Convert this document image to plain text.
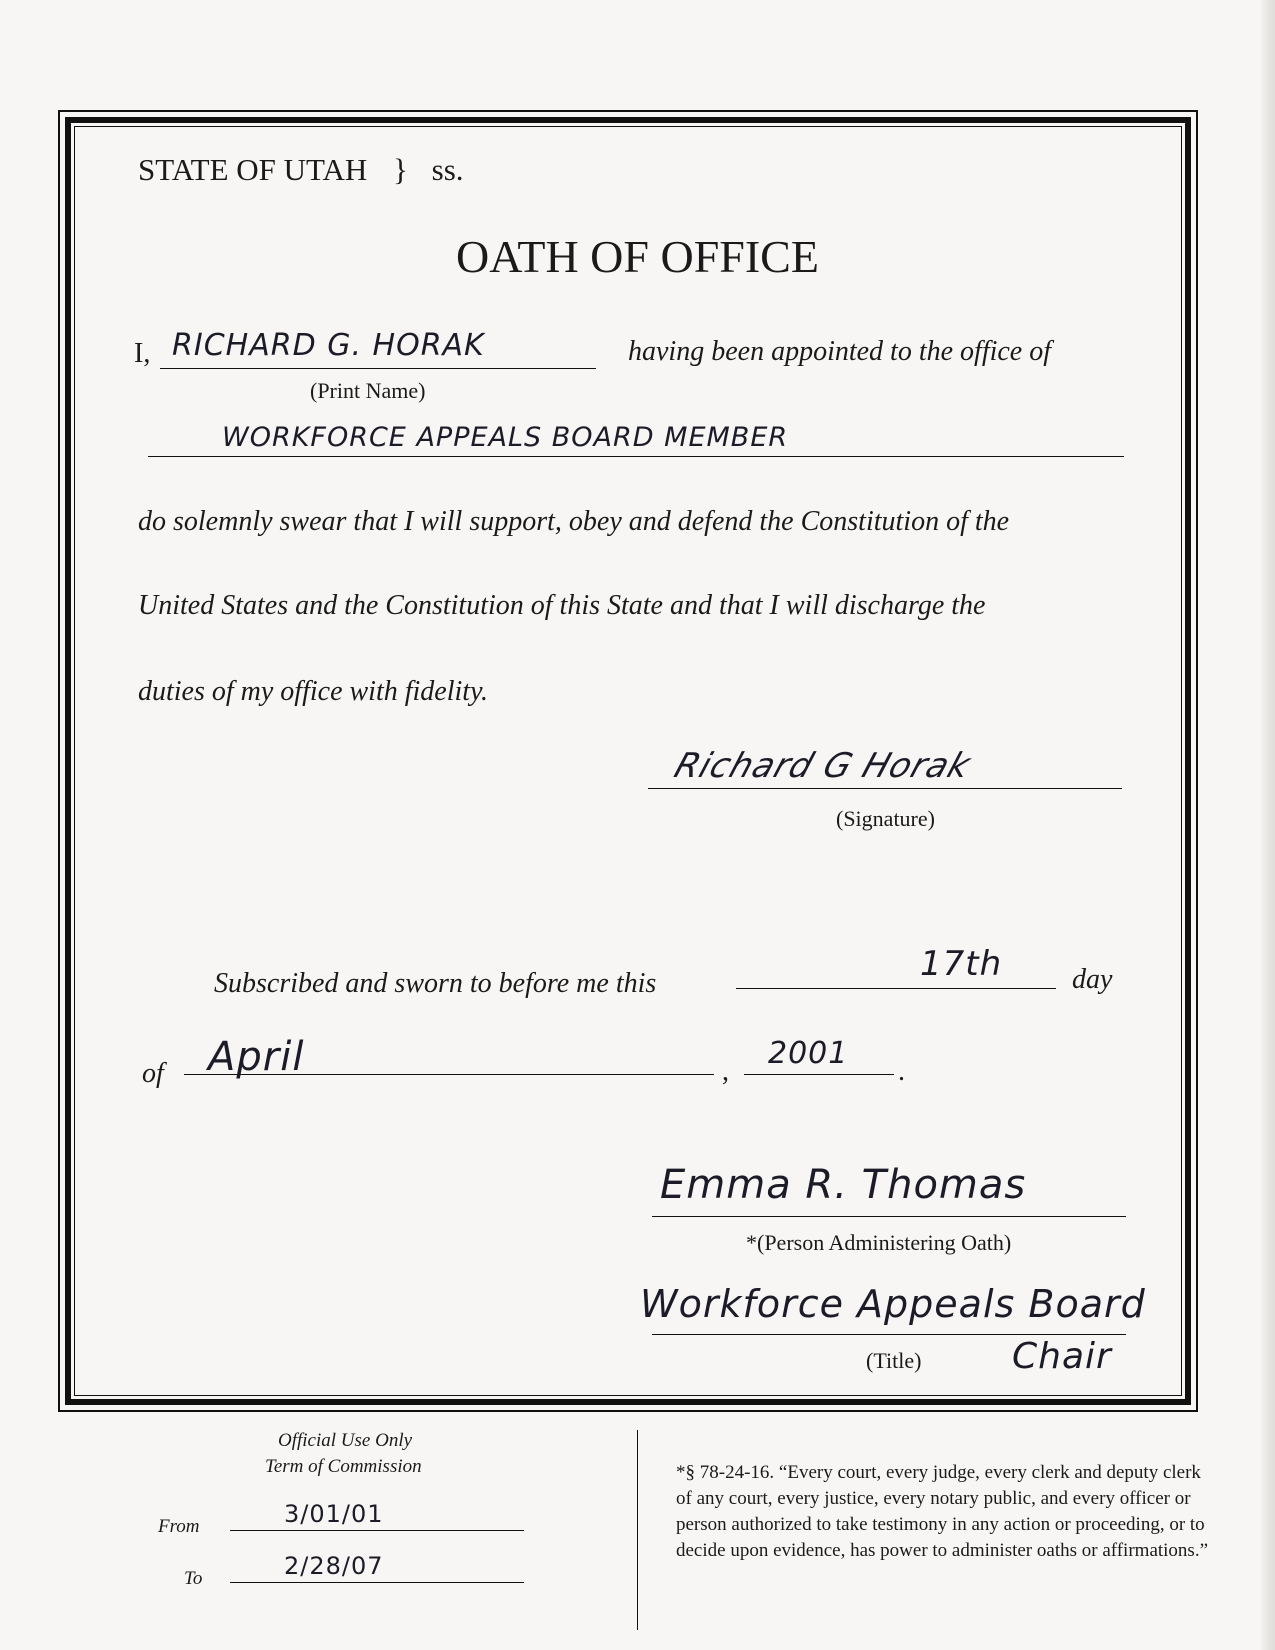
STATE OF UTAH } ss.
OATH OF OFFICE
I, RICHARD G. HORAK
(Print Name)
having been appointed to the office of
WORKFORCE APPEALS BOARD MEMBER
do solemnly swear that I will support, obey and defend the Constitution of the
United States and the Constitution of this State and that I will discharge the
duties of my office with fidelity.
Richard G Horak
(Signature)
Subscribed and sworn to before me this	17th day
of April	,
2001
.
Emma R. Thomas
*(Person Administering Oath)
Workforce Appeals Board
(Title)	Chair
Official Use Only
Term of Commission
From	3/01/01
To	2/28/07
*§ 78-24-16. “Every court, every judge, every clerk and deputy clerk of any court, every justice, every notary public, and every officer or person authorized to take testimony in any action or proceeding, or to decide upon evidence, has power to administer oaths or affirmations.”
